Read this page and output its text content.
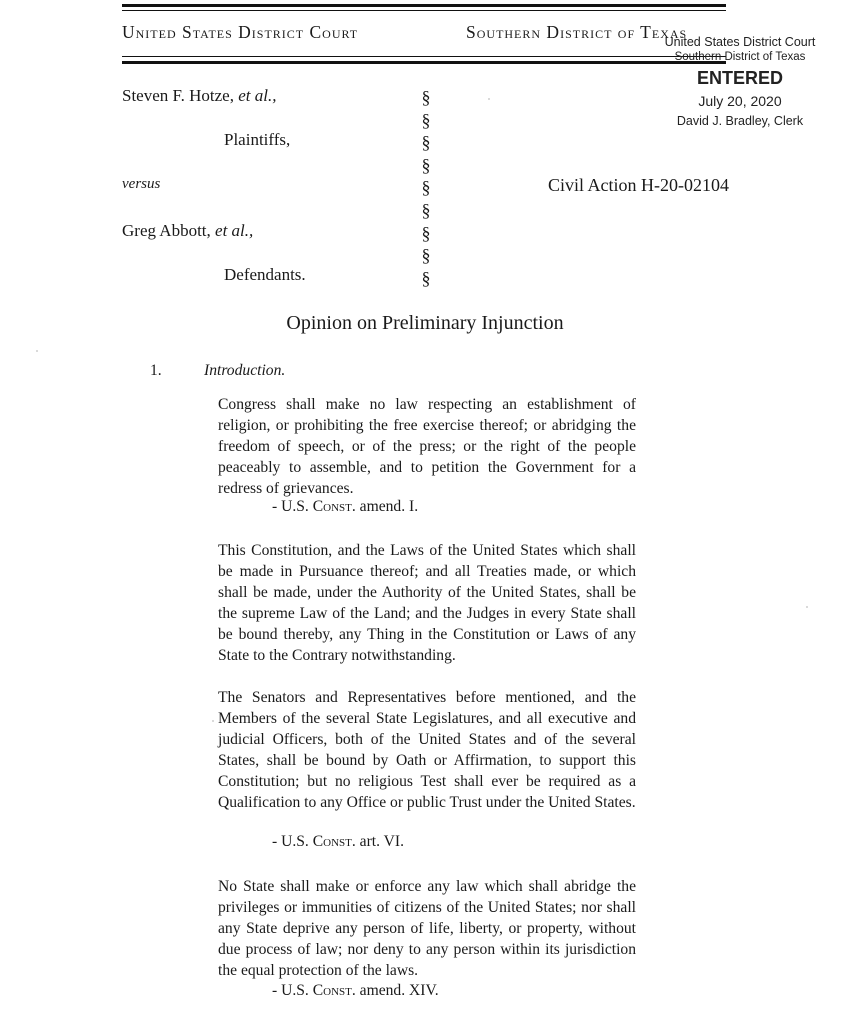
United States District Court	Southern District of Texas
United States District Court
Southern District of Texas
ENTERED
July 20, 2020
David J. Bradley, Clerk
Steven F. Hotze, et al.,
Plaintiffs,
versus
Greg Abbott, et al.,
Defendants.
§
§
§
§
§
§
§
§
§
Civil Action H-20-02104
Opinion on Preliminary Injunction
1.	Introduction.
Congress shall make no law respecting an establishment of religion, or prohibiting the free exercise thereof; or abridging the freedom of speech, or of the press; or the right of the people peaceably to assemble, and to petition the Government for a redress of grievances.
- U.S. Const. amend. I.
This Constitution, and the Laws of the United States which shall be made in Pursuance thereof; and all Treaties made, or which shall be made, under the Authority of the United States, shall be the supreme Law of the Land; and the Judges in every State shall be bound thereby, any Thing in the Constitution or Laws of any State to the Contrary notwithstanding.
The Senators and Representatives before mentioned, and the Members of the several State Legislatures, and all executive and judicial Officers, both of the United States and of the several States, shall be bound by Oath or Affirmation, to support this Constitution; but no religious Test shall ever be required as a Qualification to any Office or public Trust under the United States.
- U.S. Const. art. VI.
No State shall make or enforce any law which shall abridge the privileges or immunities of citizens of the United States; nor shall any State deprive any person of life, liberty, or property, without due process of law; nor deny to any person within its jurisdiction the equal protection of the laws.
- U.S. Const. amend. XIV.
